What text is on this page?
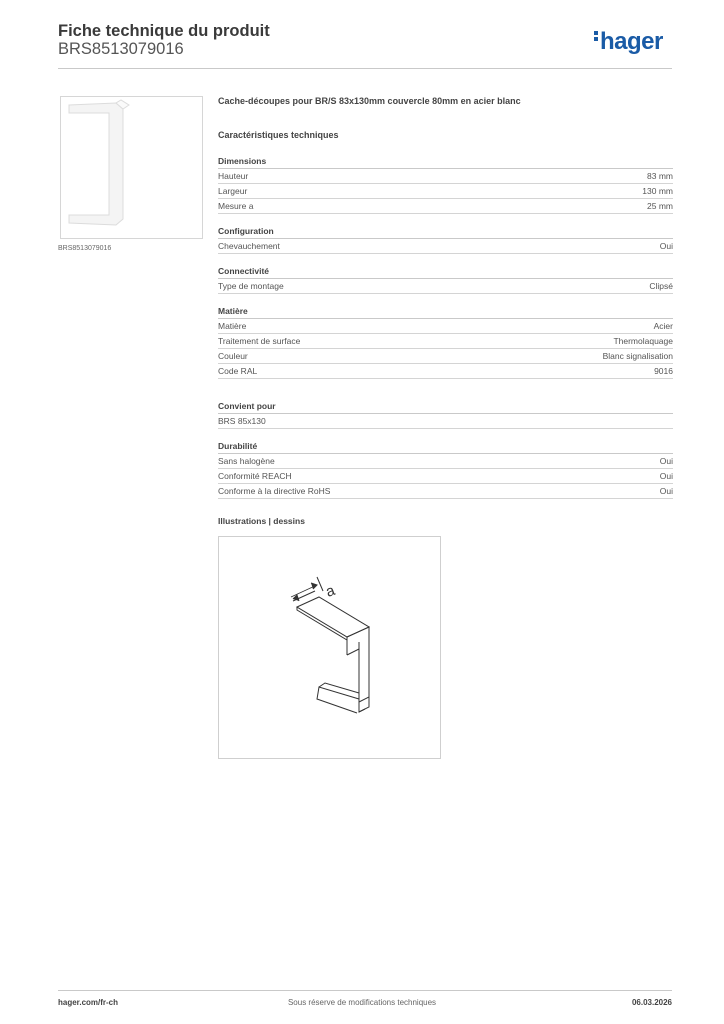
Fiche technique du produit
BRS8513079016	hager
BRS8513079016
Cache-découpes pour BR/S 83x130mm couvercle 80mm en acier blanc
Caractéristiques techniques
Dimensions
Hauteur	83 mm
Largeur	130 mm
Mesure a	25 mm
Configuration
Chevauchement	Oui
Connectivité
Type de montage	Clipsé
Matière
Matière	Acier
Traitement de surface	Thermolaquage
Couleur	Blanc signalisation
Code RAL	9016
Convient pour
BRS 85x130
Durabilité
Sans halogène	Oui
Conformité REACH	Oui
Conforme à la directive RoHS	Oui
Illustrations | dessins
a
hager.com/fr-ch	Sous réserve de modifications techniques	06.03.2026
